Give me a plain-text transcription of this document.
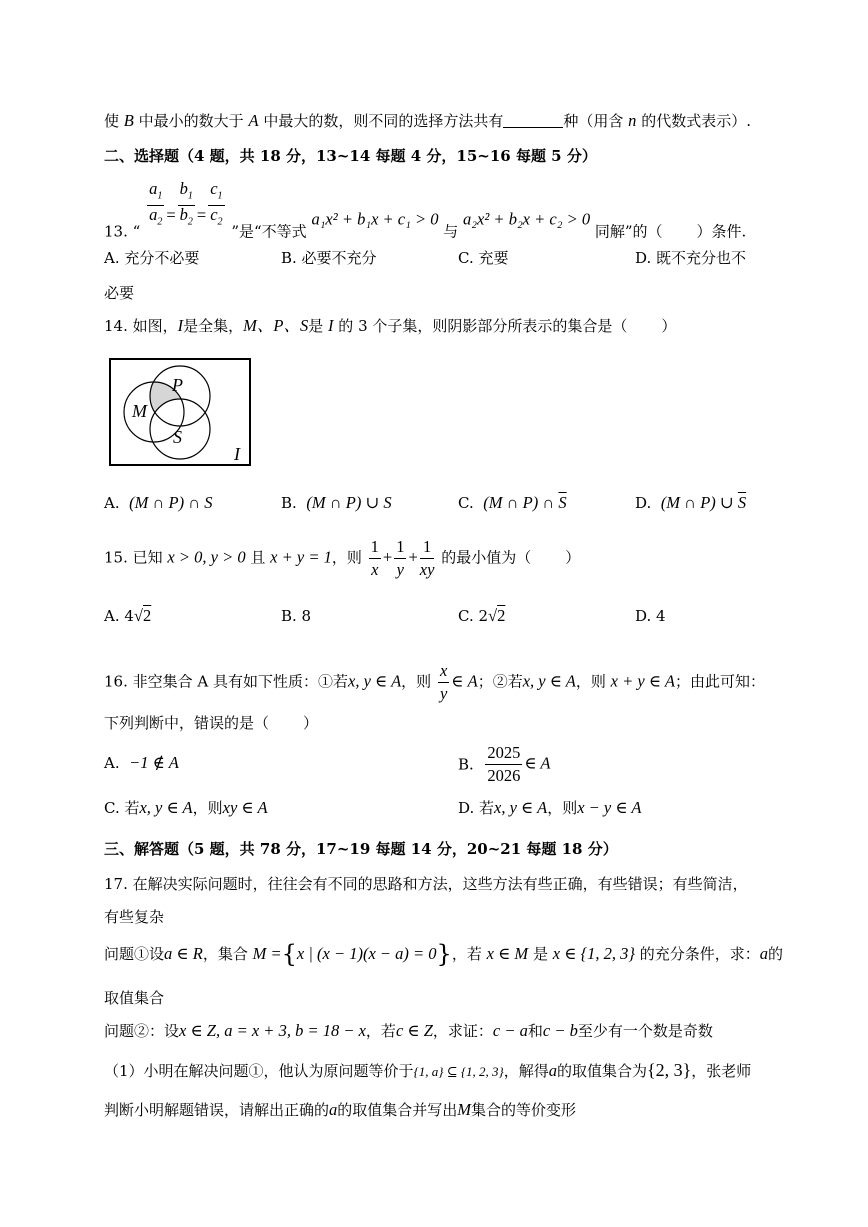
使 B 中最小的数大于 A 中最大的数，则不同的选择方法共有	种（用含 n 的代数式表示）.
二、选择题（4 题，共 18 分，13~14 每题 4 分，15~16 每题 5 分）
13. “ $\frac{a_1}{a_2} = \frac{b_1}{b_2} = \frac{c_1}{c_2}$ ”是“不等式 a₁x² + b₁x + c₁ > 0 与 a₂x² + b₂x + c₂ > 0 同解”的（ ）条件.
A. 充分不必要	B. 必要不充分	C. 充要	D. 既不充分也不
必要
14. 如图，I是全集，M、P、S是 I 的 3 个子集，则阴影部分所表示的集合是（ ）
P
M
S
I
A. (M ∩ P) ∩ S	B. (M ∩ P) ∪ S	C. (M ∩ P) ∩ $\overline{S}$	D. (M ∩ P) ∪ $\overline{S}$
15. 已知 x > 0, y > 0 且 x + y = 1，则 $\frac{1}{x} + \frac{1}{y} + \frac{1}{xy}$ 的最小值为（ ）
A. 4√2	B. 8	C. 2√2	D. 4
16. 非空集合 A 具有如下性质：①若x, y ∈ A，则 $\frac{x}{y}$ ∈ A；②若x, y ∈ A，则 x + y ∈ A；由此可知：
下列判断中，错误的是（ ）
A. −1 ∉ A	B. $\frac{2025}{2026}$ ∈ A
C. 若x, y ∈ A，则xy ∈ A	D. 若x, y ∈ A，则x − y ∈ A
三、解答题（5 题，共 78 分，17~19 每题 14 分，20~21 每题 18 分）
17. 在解决实际问题时，往往会有不同的思路和方法，这些方法有些正确，有些错误；有些简洁，
有些复杂
问题①设a ∈ R，集合 M ={x | (x − 1)(x − a) = 0}，若 x ∈ M 是 x ∈ {1, 2, 3} 的充分条件，求：a的
取值集合
问题②：设x ∈ Z, a = x + 3, b = 18 − x，若c ∈ Z，求证：c − a和c − b至少有一个数是奇数
（1）小明在解决问题①，他认为原问题等价于{1, a} ⊆ {1, 2, 3}，解得a的取值集合为{2, 3}，张老师
判断小明解题错误，请解出正确的a的取值集合并写出M集合的等价变形
